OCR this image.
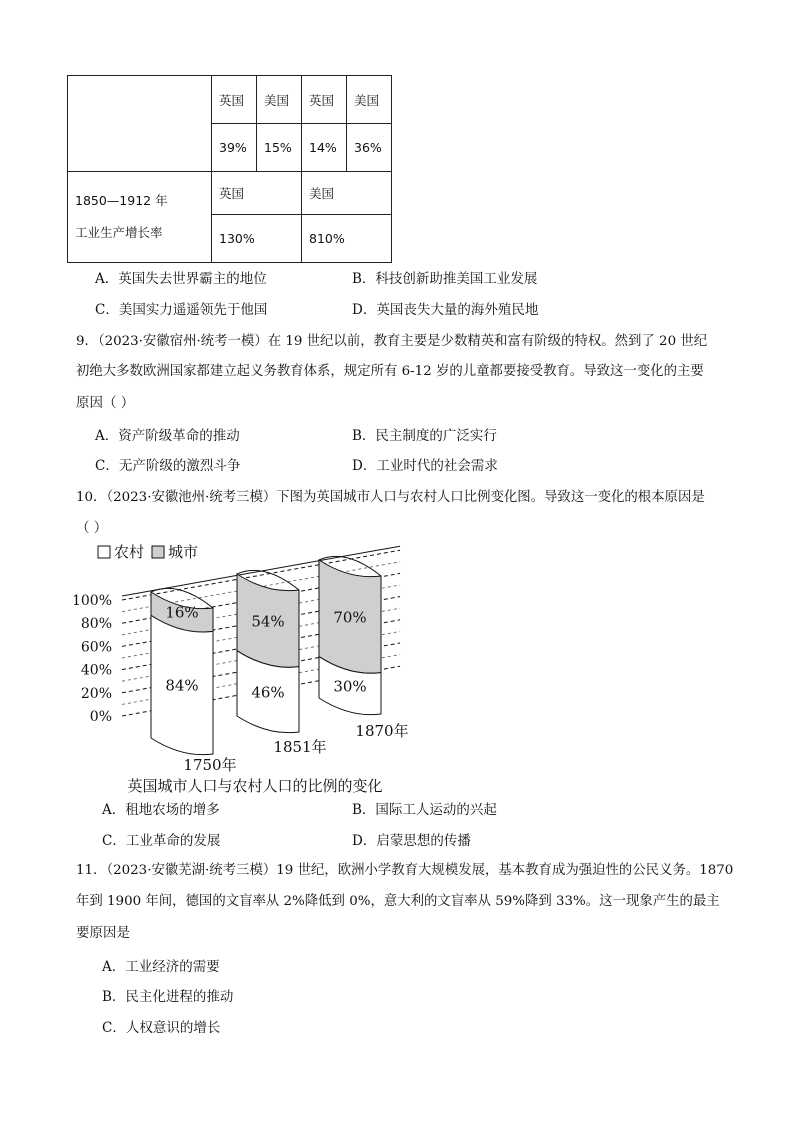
	英国	美国	英国	美国
	39%	15%	14%	36%

1850—1912 年
工业生产增长率	英国		美国	
	130%		810%	
A．英国失去世界霸主的地位	B．科技创新助推美国工业发展
C．美国实力遥遥领先于他国	D．英国丧失大量的海外殖民地
9．（2023·安徽宿州·统考一模）在 19 世纪以前，教育主要是少数精英和富有阶级的特权。然到了 20 世纪
初绝大多数欧洲国家都建立起义务教育体系，规定所有 6-12 岁的儿童都要接受教育。导致这一变化的主要
原因（ ）
A．资产阶级革命的推动	B．民主制度的广泛实行
C．无产阶级的激烈斗争	D．工业时代的社会需求
10．（2023·安徽池州·统考三模）下图为英国城市人口与农村人口比例变化图。导致这一变化的根本原因是
（ ）
农村 城市
100%
80%
60%
40%
20%
0%
16%
84%
1750年
54%
46%
1851年
70%
30%
1870年
英国城市人口与农村人口的比例的变化
A．租地农场的增多	B．国际工人运动的兴起
C．工业革命的发展	D．启蒙思想的传播
11．（2023·安徽芜湖·统考三模）19 世纪，欧洲小学教育大规模发展，基本教育成为强迫性的公民义务。1870
年到 1900 年间，德国的文盲率从 2%降低到 0%，意大利的文盲率从 59%降到 33%。这一现象产生的最主
要原因是
A．工业经济的需要
B．民主化进程的推动
C．人权意识的增长
